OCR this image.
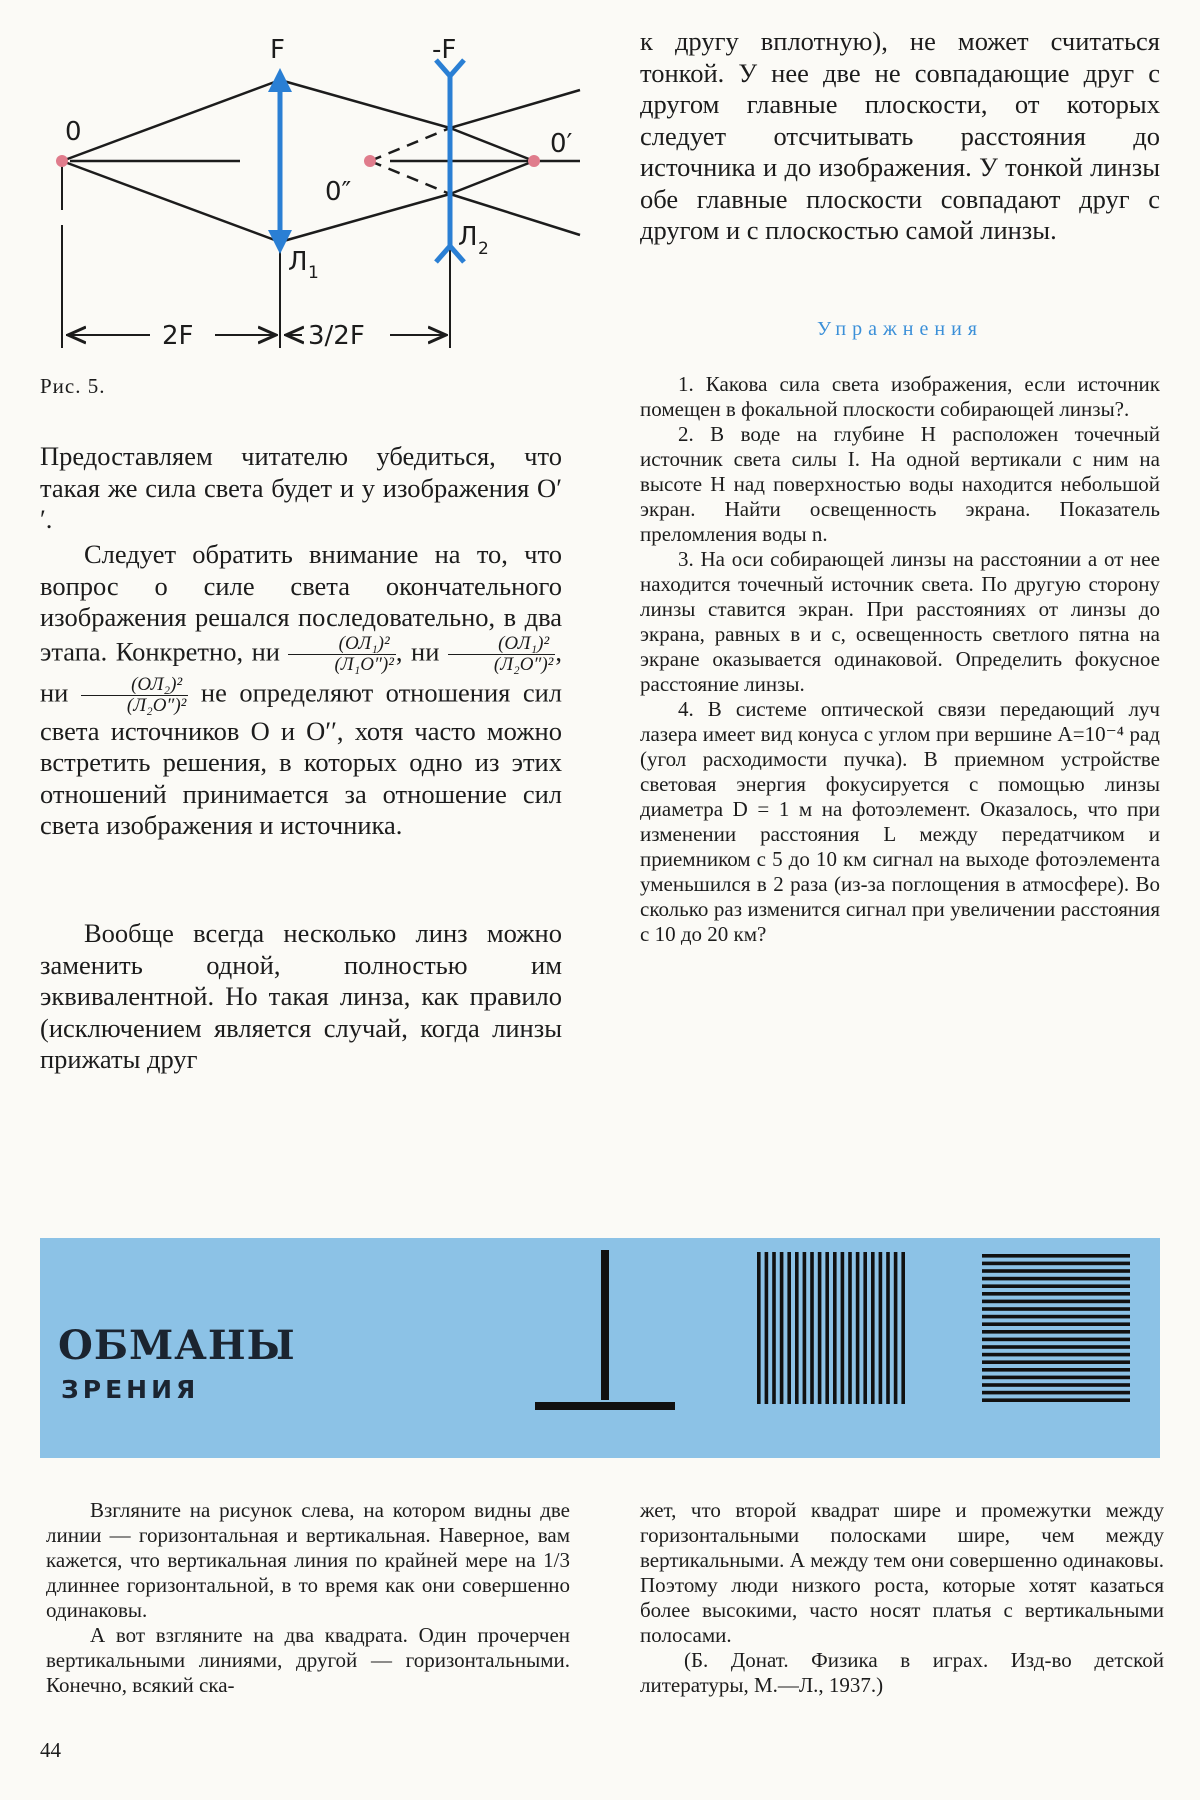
F	-F
0	0′
0″
Л 1
Л 2
2F	3/2F
Рис. 5.
Предоставляем читателю убедиться, что такая же сила света будет и у изображения O′′.
Следует обратить внимание на то, что вопрос о силе света окончательного изображения решался последовательно, в два этапа. Конкретно, ни $\frac{\text{(ОЛ₁)²}}{\text{(Л₁О″)²}}$ , ни $\frac{\text{(ОЛ₁)²}}{\text{(Л₂О″)²}}$ , ни $\frac{\text{(ОЛ₂)²}}{\text{(Л₂О″)²}}$ не определяют отношения сил света источников O и O′′, хотя часто можно встретить решения, в которых одно из этих отношений принимается за отношение сил света изображения и источника.
Вообще всегда несколько линз можно заменить одной, полностью им эквивалентной. Но такая линза, как правило (исключением является случай, когда линзы прижаты друг
к другу вплотную), не может считаться тонкой. У нее две не совпадающие друг с другом главные плоскости, от которых следует отсчитывать расстояния до источника и до изображения. У тонкой линзы обе главные плоскости совпадают друг с другом и с плоскостью самой линзы.
Упражнения

1. Какова сила света изображения, если источник помещен в фокальной плоскости собирающей линзы?.

2. В воде на глубине H расположен точечный источник света силы I. На одной вертикали с ним на высоте H над поверхностью воды находится небольшой экран. Найти освещенность экрана. Показатель преломления воды n.

3. На оси собирающей линзы на расстоянии a от нее находится точечный источник света. По другую сторону линзы ставится экран. При расстояниях от линзы до экрана, равных в и с, освещенность светлого пятна на экране оказывается одинаковой. Определить фокусное расстояние линзы.

4. В системе оптической связи передающий луч лазера имеет вид конуса с углом при вершине A=10⁻⁴ рад (угол расходимости пучка). В приемном устройстве световая энергия фокусируется с помощью линзы диаметра D = 1 м на фотоэлемент. Оказалось, что при изменении расстояния L между передатчиком и приемником с 5 до 10 км сигнал на выходе фотоэлемента уменьшился в 2 раза (из-за поглощения в атмосфере). Во сколько раз изменится сигнал при увеличении расстояния с 10 до 20 км?

ОБМАНЫ
ЗРЕНИЯ

Взгляните на рисунок слева, на котором видны две линии — горизонтальная и вертикальная. Наверное, вам кажется, что вертикальная линия по крайней мере на 1/3 длиннее горизонтальной, в то время как они совершенно одинаковы.

А вот взгляните на два квадрата. Один прочерчен вертикальными линиями, другой — горизонтальными. Конечно, всякий ска-

жет, что второй квадрат шире и промежутки между горизонтальными полосками шире, чем между вертикальными. А между тем они совершенно одинаковы. Поэтому люди низкого роста, которые хотят казаться более высокими, часто носят платья с вертикальными полосами.

(Б. Донат. Физика в играх. Изд-во детской литературы, М.—Л., 1937.)

44
